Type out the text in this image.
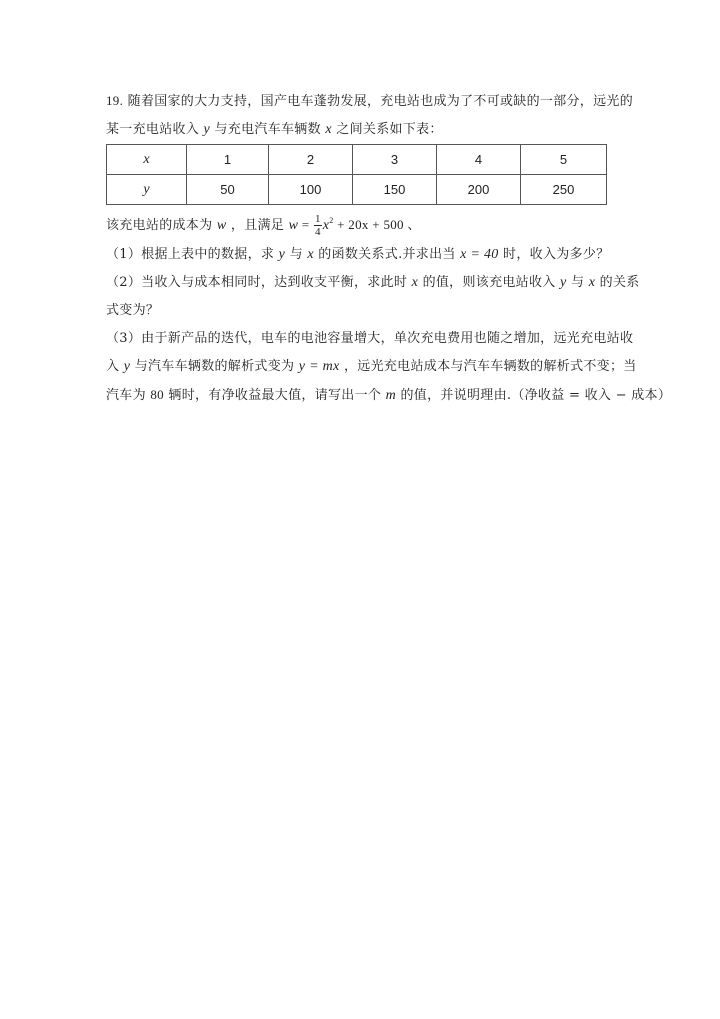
19. 随着国家的大力支持，国产电车蓬勃发展，充电站也成为了不可或缺的一部分，远光的
某一充电站收入 y 与充电汽车车辆数 x 之间关系如下表：
x	1	2	3	4	5
y	50	100	150	200	250
该充电站的成本为 w ，且满足 $w = \frac{1}{4} x^2 + 20x + 500$ 、
（1）根据上表中的数据，求 y 与 x 的函数关系式.并求出当 x = 40 时，收入为多少？
（2）当收入与成本相同时，达到收支平衡，求此时 x 的值，则该充电站收入 y 与 x 的关系
式变为？
（3）由于新产品的迭代，电车的电池容量增大，单次充电费用也随之增加，远光充电站收
入 y 与汽车车辆数的解析式变为 y = mx ，远光充电站成本与汽车车辆数的解析式不变；当
汽车为 80 辆时，有净收益最大值，请写出一个 m 的值，并说明理由.（净收益 = 收入 − 成本）
